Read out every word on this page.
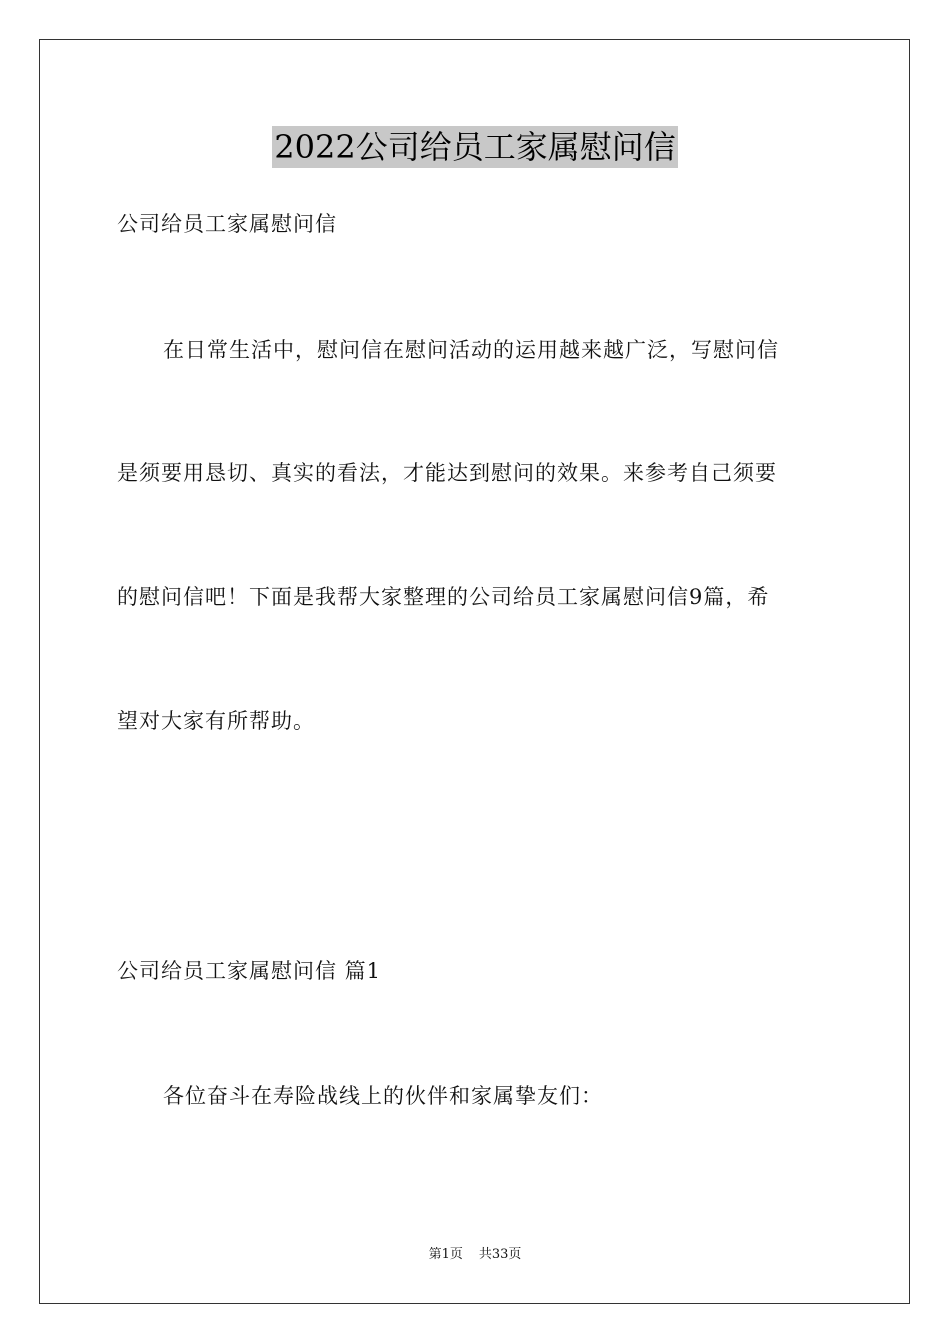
2022公司给员工家属慰问信
公司给员工家属慰问信
在日常生活中，慰问信在慰问活动的运用越来越广泛，写慰问信
是须要用恳切、真实的看法，才能达到慰问的效果。来参考自己须要
的慰问信吧！下面是我帮大家整理的公司给员工家属慰问信9篇，希
望对大家有所帮助。
公司给员工家属慰问信 篇1
各位奋斗在寿险战线上的伙伴和家属挚友们：
第1页 共33页
